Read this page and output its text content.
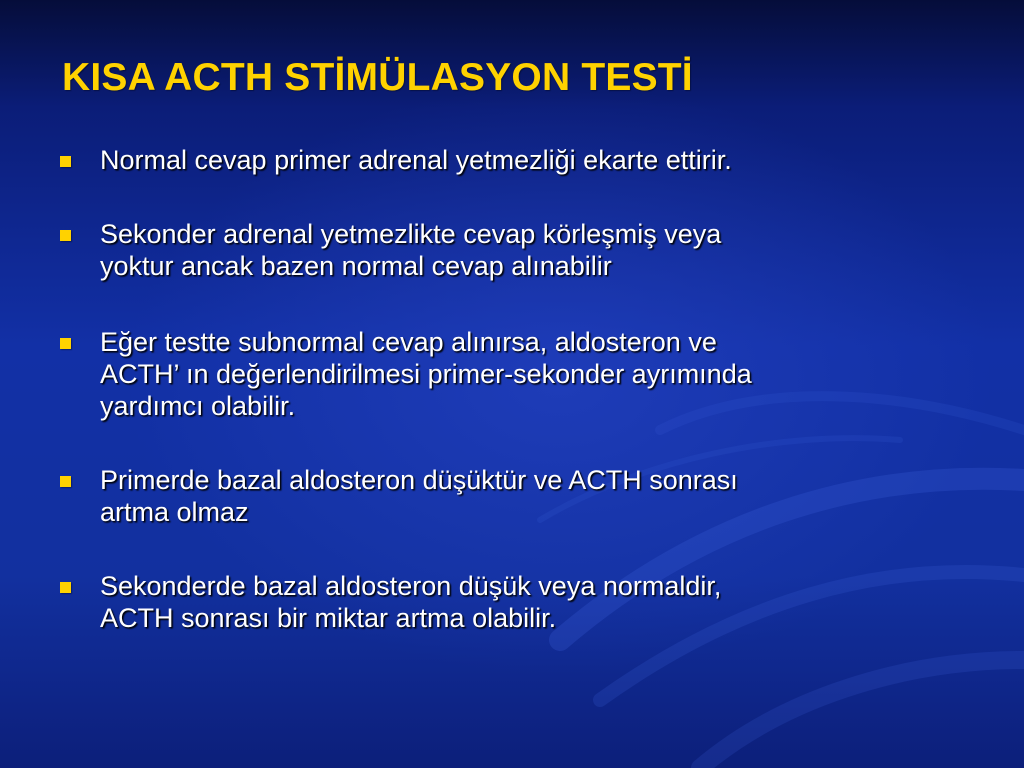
KISA ACTH STİMÜLASYON TESTİ
Normal cevap primer adrenal yetmezliği ekarte ettirir.
Sekonder adrenal yetmezlikte cevap körleşmiş veya
yoktur ancak bazen normal cevap alınabilir
Eğer testte subnormal cevap alınırsa, aldosteron ve
ACTH’ ın değerlendirilmesi primer-sekonder ayrımında
yardımcı olabilir.
Primerde bazal aldosteron düşüktür ve ACTH sonrası
artma olmaz
Sekonderde bazal aldosteron düşük veya normaldir,
ACTH sonrası bir miktar artma olabilir.
